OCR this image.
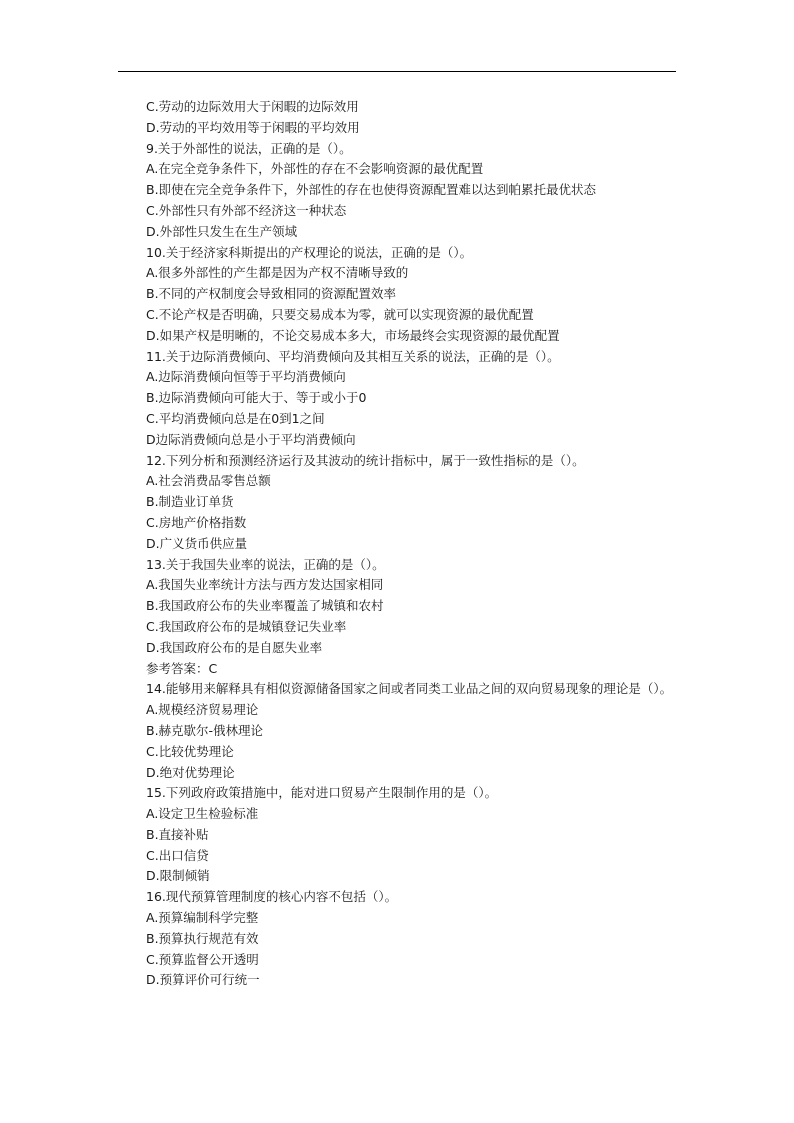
C.劳动的边际效用大于闲暇的边际效用
D.劳动的平均效用等于闲暇的平均效用
9.关于外部性的说法，正确的是（）。
A.在完全竞争条件下，外部性的存在不会影响资源的最优配置
B.即使在完全竞争条件下，外部性的存在也使得资源配置难以达到帕累托最优状态
C.外部性只有外部不经济这一种状态
D.外部性只发生在生产领域
10.关于经济家科斯提出的产权理论的说法，正确的是（）。
A.很多外部性的产生都是因为产权不清晰导致的
B.不同的产权制度会导致相同的资源配置效率
C.不论产权是否明确，只要交易成本为零，就可以实现资源的最优配置
D.如果产权是明晰的，不论交易成本多大，市场最终会实现资源的最优配置
11.关于边际消费倾向、平均消费倾向及其相互关系的说法，正确的是（）。
A.边际消费倾向恒等于平均消费倾向
B.边际消费倾向可能大于、等于或小于0
C.平均消费倾向总是在0到1之间
D边际消费倾向总是小于平均消费倾向
12.下列分析和预测经济运行及其波动的统计指标中，属于一致性指标的是（）。
A.社会消费品零售总额
B.制造业订单货
C.房地产价格指数
D.广义货币供应量
13.关于我国失业率的说法，正确的是（）。
A.我国失业率统计方法与西方发达国家相同
B.我国政府公布的失业率覆盖了城镇和农村
C.我国政府公布的是城镇登记失业率
D.我国政府公布的是自愿失业率
参考答案：C
14.能够用来解释具有相似资源储备国家之间或者同类工业品之间的双向贸易现象的理论是（）。
A.规模经济贸易理论
B.赫克歇尔-俄林理论
C.比较优势理论
D.绝对优势理论
15.下列政府政策措施中，能对进口贸易产生限制作用的是（）。
A.设定卫生检验标准
B.直接补贴
C.出口信贷
D.限制倾销
16.现代预算管理制度的核心内容不包括（）。
A.预算编制科学完整
B.预算执行规范有效
C.预算监督公开透明
D.预算评价可行统一
